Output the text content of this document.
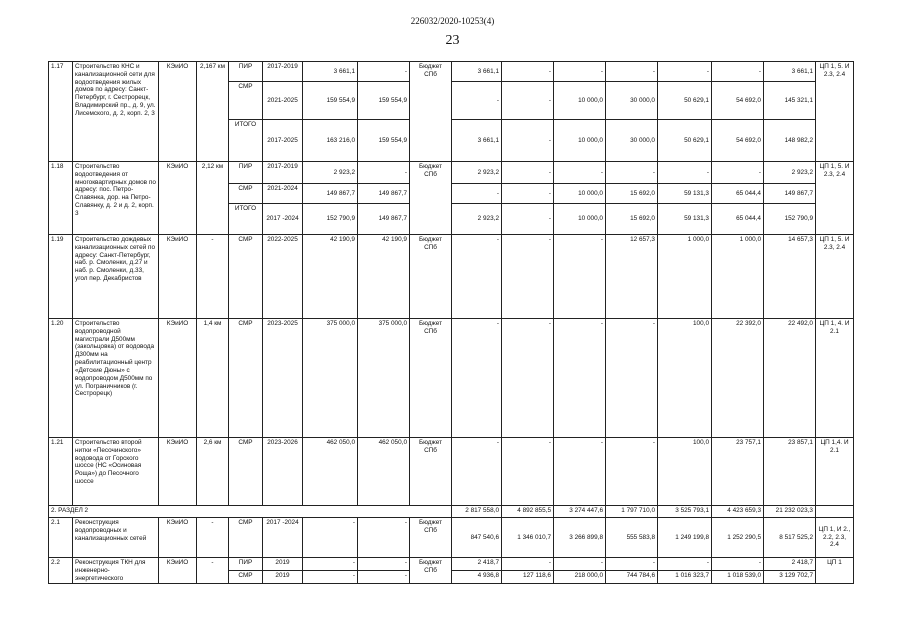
226032/2020-10253(4)
23
1.17	Строительство КНС и канализационной сети для водоотведения жилых домов по адресу: Санкт-Петербург, г. Сестрорецк, Владимирский пр., д. 9, ул. Лисемского, д. 2, корп. 2, 3	КЭиИО	2,167 км	ПИР	2017-2019	3 661,1	-	Бюджет СПб	3 661,1	-	-	-	-	-	3 661,1	ЦП 1, 5. И 2.3, 2.4
				СМР	2021-2025	159 554,9	159 554,9		-	-	10 000,0	30 000,0	50 629,1	54 692,0	145 321,1	
				ИТОГО	2017-2025	163 216,0	159 554,9		3 661,1	-	10 000,0	30 000,0	50 629,1	54 692,0	148 982,2	
1.18	Строительство водоотведения от многоквартирных домов по адресу: пос. Петро-Славянка, дор. на Петро-Славянку, д. 2 и д. 2, корп. 3	КЭиИО	2,12 км	ПИР	2017-2019	2 923,2	-	Бюджет СПб	2 923,2	-	-	-	-	-	2 923,2	ЦП 1, 5. И 2.3, 2.4
				СМР	2021-2024	149 867,7	149 867,7		-	-	10 000,0	15 692,0	59 131,3	65 044,4	149 867,7	
				ИТОГО	2017 -2024	152 790,9	149 867,7		2 923,2	-	10 000,0	15 692,0	59 131,3	65 044,4	152 790,9	
1.19	Строительство дождевых канализационных сетей по адресу: Санкт-Петербург, наб. р. Смоленки, д.27 и наб. р. Смоленки, д.33, угол пер. Декабристов	КЭиИО	-	СМР	2022-2025	42 190,9	42 190,9	Бюджет СПб	-	-	-	12 657,3	1 000,0	1 000,0	14 657,3	ЦП 1, 5. И 2.3, 2.4
1.20	Строительство водопроводной магистрали Д500мм (закольцовка) от водовода Д300мм на реабилитационный центр «Детские Дюны» с водопроводом Д500мм по ул. Пограничников (г. Сестрорецк)	КЭиИО	1,4 км	СМР	2023-2025	375 000,0	375 000,0	Бюджет СПб	-	-	-	-	100,0	22 392,0	22 492,0	ЦП 1, 4. И 2.1
1.21	Строительство второй нитки «Песочинского» водовода от Горского шоссе (НС «Осиновая Роща») до Песочного шоссе	КЭиИО	2,6 км	СМР	2023-2026	462 050,0	462 050,0	Бюджет СПб	-	-	-	-	100,0	23 757,1	23 857,1	ЦП 1,4. И 2.1
2. РАЗДЕЛ 2									2 817 558,0	4 892 855,5	3 274 447,6	1 797 710,0	3 525 793,1	4 423 659,3	21 232 023,3	
2.1	Реконструкция водопроводных и канализационных сетей	КЭиИО	-	СМР	2017 -2024	-	-	Бюджет СПб	847 540,6	1 346 010,7	3 266 899,8	555 583,8	1 249 199,8	1 252 290,5	8 517 525,2	ЦП 1, И 2., 2.2, 2.3, 2.4
2.2	Реконструкция ТКН для инженерно-энергетического	КЭиИО	-	ПИР	2019	-	-	Бюджет СПб	2 418,7	-	-	-	-	-	2 418,7	ЦП 1
				СМР	2019	-	-		4 936,8	127 118,6	218 000,0	744 784,6	1 016 323,7	1 018 539,0	3 129 702,7	
